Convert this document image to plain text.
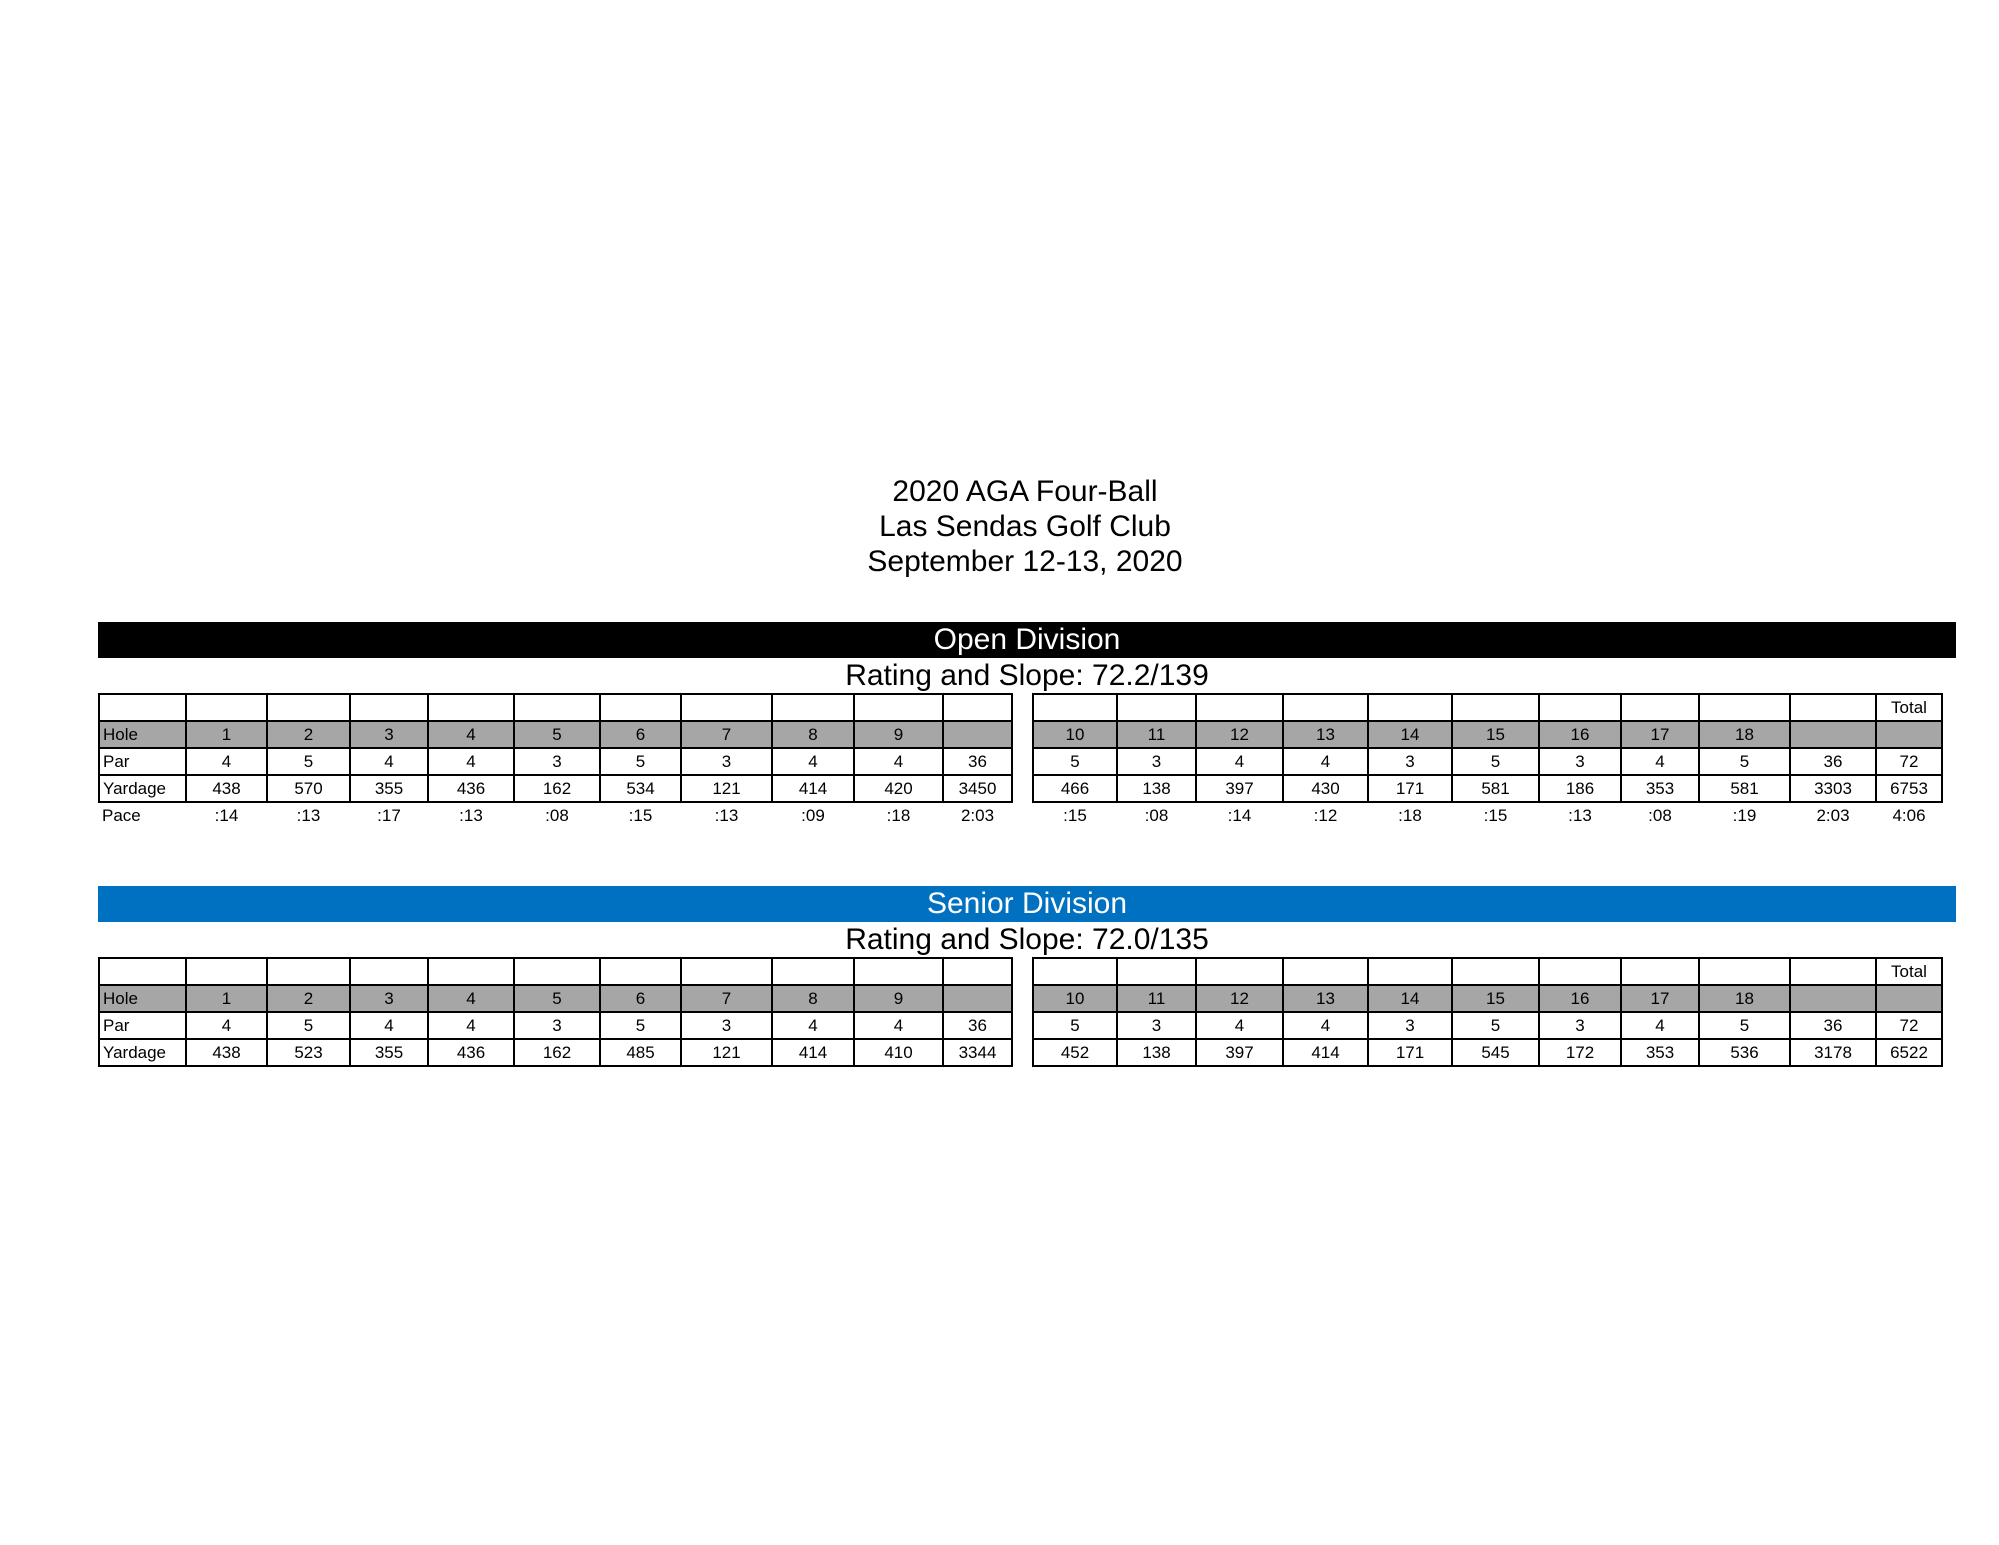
2020 AGA Four-Ball
Las Sendas Golf Club
September 12-13, 2020
Open Division
Rating and Slope: 72.2/139

Hole	1	2	3	4	5	6	7	8	9	
Par	4	5	4	4	3	5	3	4	4	36
Yardage	438	570	355	436	162	534	121	414	420	3450
Pace	:14	:13	:17	:13	:08	:15	:13	:09	:18	2:03
										Total
10	11	12	13	14	15	16	17	18		
5	3	4	4	3	5	3	4	5	36	72
466	138	397	430	171	581	186	353	581	3303	6753
:15	:08	:14	:12	:18	:15	:13	:08	:19	2:03	4:06
Senior Division
Rating and Slope: 72.0/135

Hole	1	2	3	4	5	6	7	8	9	
Par	4	5	4	4	3	5	3	4	4	36
Yardage	438	523	355	436	162	485	121	414	410	3344
										Total
10	11	12	13	14	15	16	17	18		
5	3	4	4	3	5	3	4	5	36	72
452	138	397	414	171	545	172	353	536	3178	6522
